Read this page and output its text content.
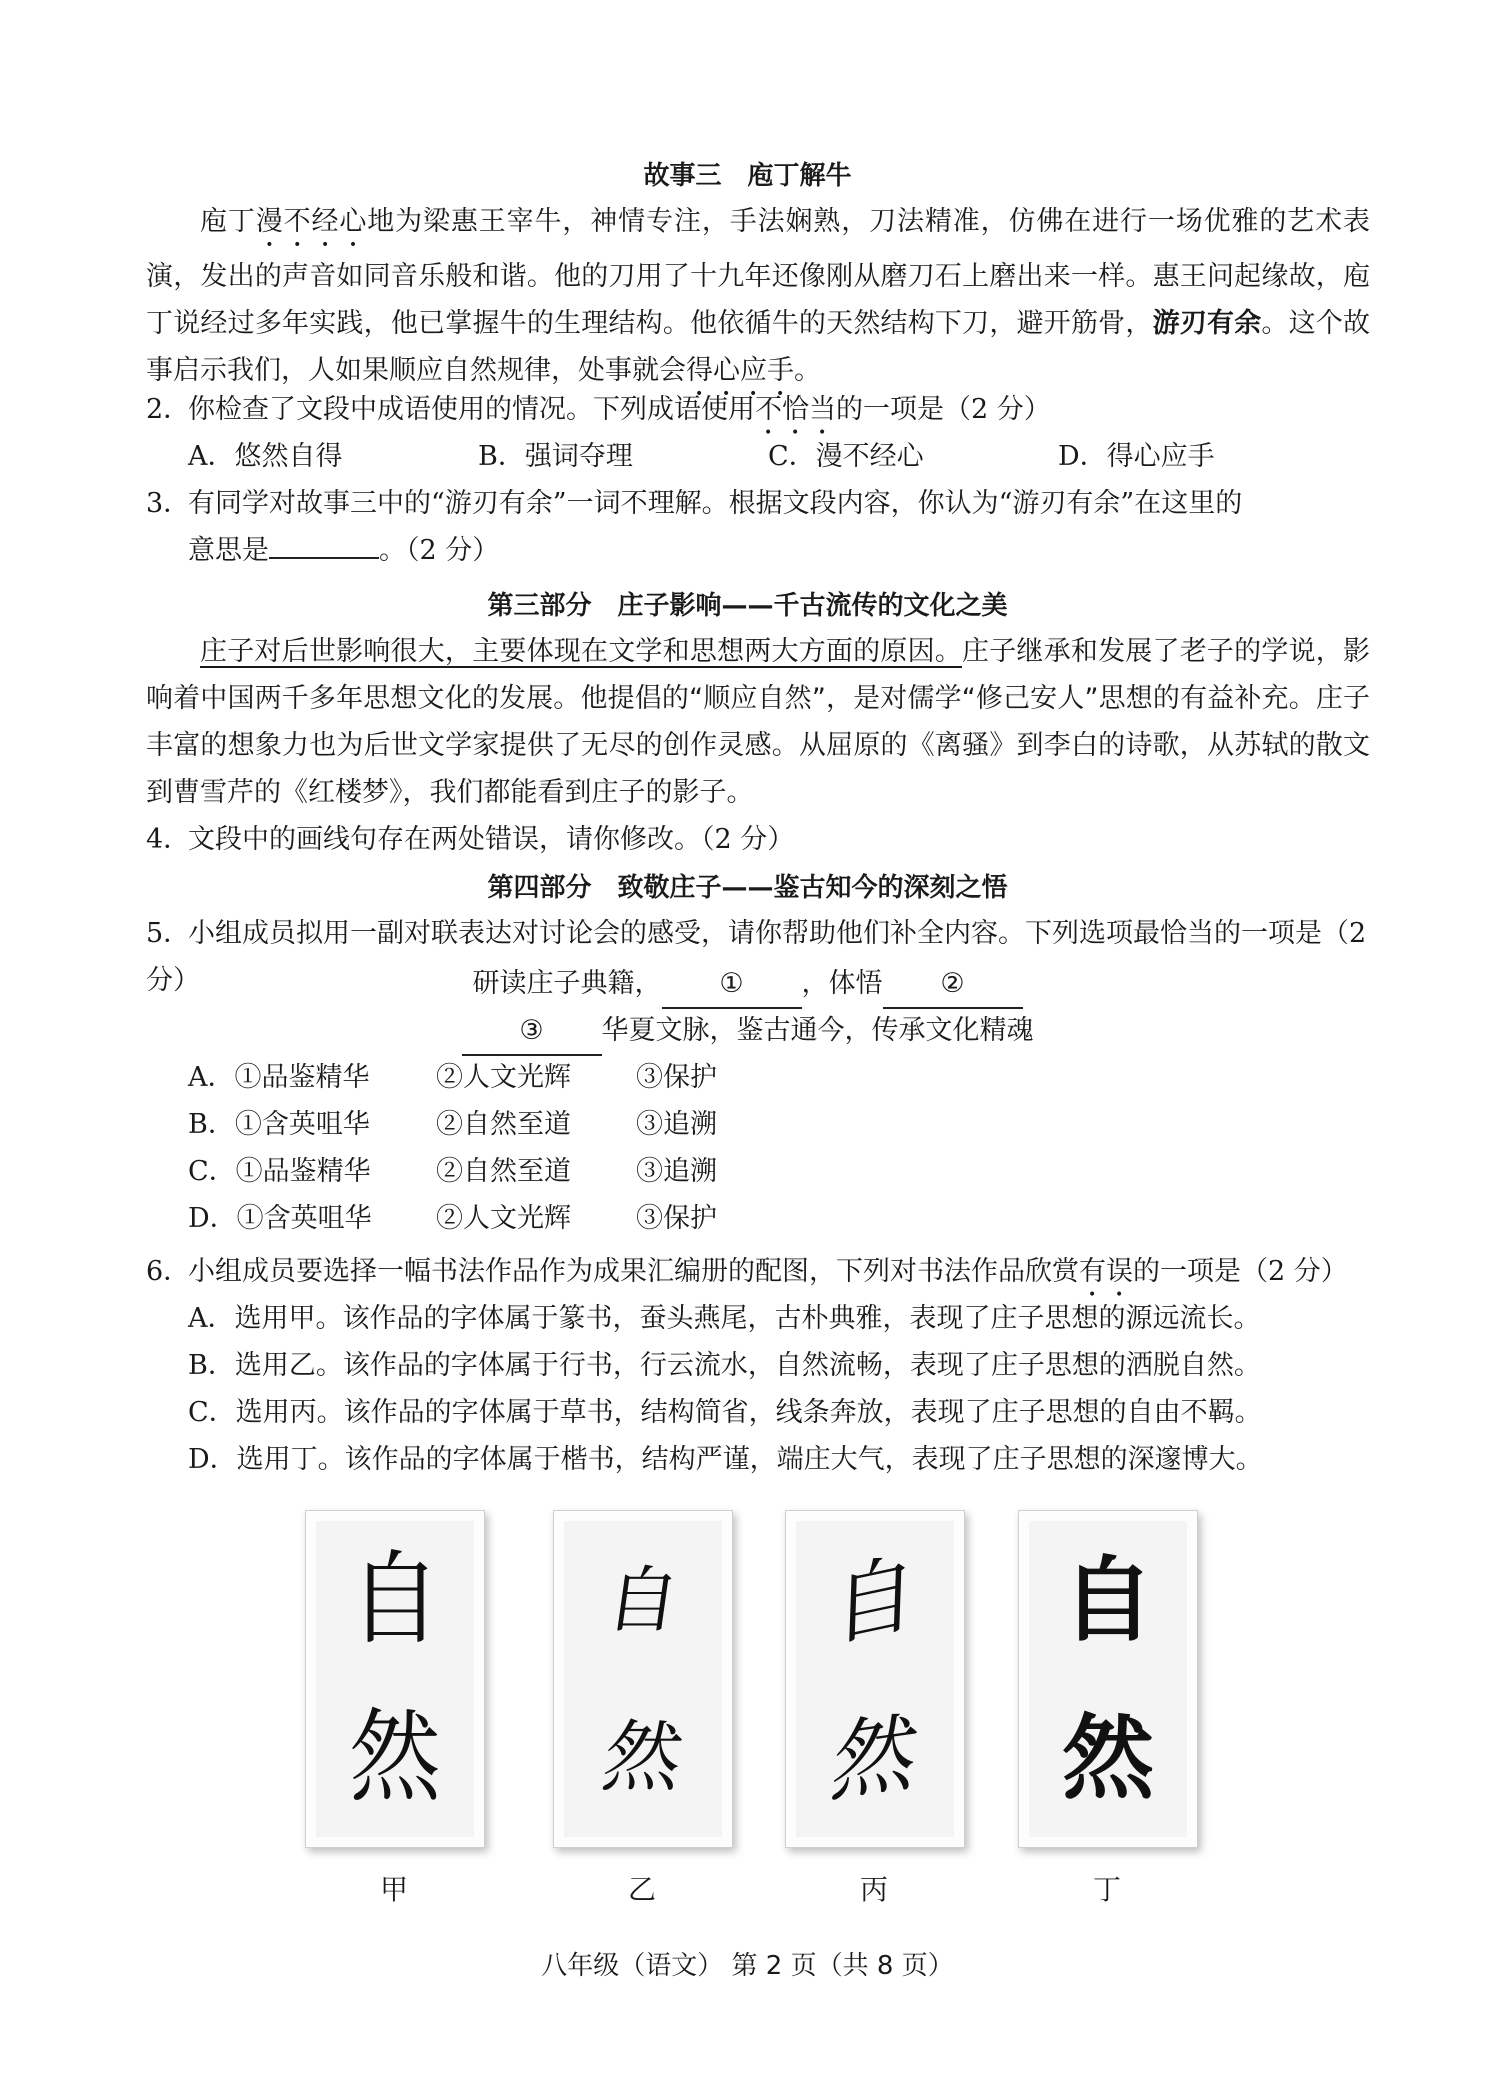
故事三　庖丁解牛
庖丁漫不经心地为梁惠王宰牛，神情专注，手法娴熟，刀法精准，仿佛在进行一场优雅的艺术表演，发出的声音如同音乐般和谐。他的刀用了十九年还像刚从磨刀石上磨出来一样。惠王问起缘故，庖丁说经过多年实践，他已掌握牛的生理结构。他依循牛的天然结构下刀，避开筋骨，游刃有余。这个故事启示我们，人如果顺应自然规律，处事就会得心应手。
2．你检查了文段中成语使用的情况。下列成语使用不恰当的一项是（2 分）
A．悠然自得	B．强词夺理	C．漫不经心	D．得心应手
3．有同学对故事三中的“游刃有余”一词不理解。根据文段内容，你认为“游刃有余”在这里的
意思是	。（2 分）
第三部分　庄子影响——千古流传的文化之美
庄子对后世影响很大，主要体现在文学和思想两大方面的原因。庄子继承和发展了老子的学说，影响着中国两千多年思想文化的发展。他提倡的“顺应自然”，是对儒学“修己安人”思想的有益补充。庄子丰富的想象力也为后世文学家提供了无尽的创作灵感。从屈原的《离骚》到李白的诗歌，从苏轼的散文到曹雪芹的《红楼梦》，我们都能看到庄子的影子。
4．文段中的画线句存在两处错误，请你修改。（2 分）
第四部分　致敬庄子——鉴古知今的深刻之悟
5．小组成员拟用一副对联表达对讨论会的感受，请你帮助他们补全内容。下列选项最恰当的一项是（2 分）	研读庄子典籍， ① ，体悟 ②
③ 华夏文脉，鉴古通今，传承文化精魂
A．①品鉴精华 ②人文光辉 ③保护
B．①含英咀华 ②自然至道 ③追溯
C．①品鉴精华 ②自然至道 ③追溯
D．①含英咀华 ②人文光辉 ③保护
6．小组成员要选择一幅书法作品作为成果汇编册的配图，下列对书法作品欣赏有误的一项是（2 分）
A．选用甲。该作品的字体属于篆书，蚕头燕尾，古朴典雅，表现了庄子思想的源远流长。
B．选用乙。该作品的字体属于行书，行云流水，自然流畅，表现了庄子思想的洒脱自然。
C．选用丙。该作品的字体属于草书，结构简省，线条奔放，表现了庄子思想的自由不羁。
D．选用丁。该作品的字体属于楷书，结构严谨，端庄大气，表现了庄子思想的深邃博大。
自
然
自
然
自
然
自
然
甲	乙	丙	丁
八年级（语文） 第 2 页（共 8 页）
